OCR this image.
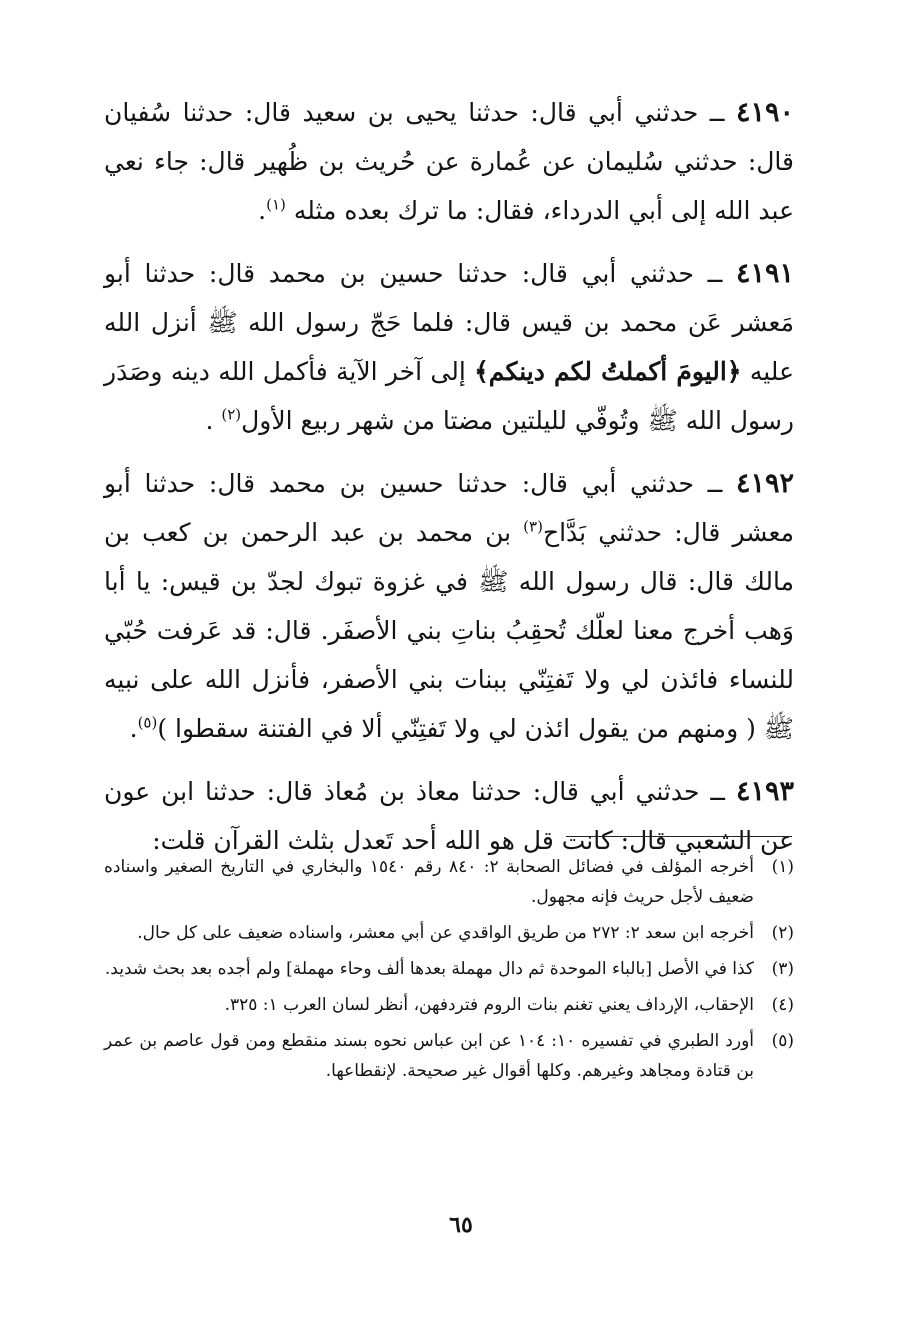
٤١٩٠ ــ حدثني أبي قال: حدثنا يحيى بن سعيد قال: حدثنا سُفيان قال: حدثني سُليمان عن عُمارة عن حُريث بن ظُهير قال: جاء نعي عبد الله إلى أبي الدرداء، فقال: ما ترك بعده مثله $^{(١)}$.

٤١٩١ ــ حدثني أبي قال: حدثنا حسين بن محمد قال: حدثنا أبو مَعشر عَن محمد بن قيس قال: فلما حَجّ رسول الله ﷺ أنزل الله عليه ﴿اليومَ أكملتُ لكم دينكم﴾ إلى آخر الآية فأكمل الله دينه وصَدَر رسول الله ﷺ وتُوفّي لليلتين مضتا من شهر ربيع الأول$^{(٢)}$ .

٤١٩٢ ــ حدثني أبي قال: حدثنا حسين بن محمد قال: حدثنا أبو معشر قال: حدثني بَدَّاح$^{(٣)}$ بن محمد بن عبد الرحمن بن كعب بن مالك قال: قال رسول الله ﷺ في غزوة تبوك لجدّ بن قيس: يا أبا وَهب أخرج معنا لعلّك تُحقِبُ بناتِ بني الأصفَر. قال: قد عَرفت حُبّي للنساء فائذن لي ولا تَفتِنّي ببنات بني الأصفر، فأنزل الله على نبيه ﷺ ( ومنهم من يقول ائذن لي ولا تَفتِنّي ألا في الفتنة سقطوا )$^{(٥)}$.

٤١٩٣ ــ حدثني أبي قال: حدثنا معاذ بن مُعاذ قال: حدثنا ابن عون عن الشعبي قال: كانت قل هو الله أحد تَعدل بثلث القرآن قلت:

(١)
أخرجه المؤلف في فضائل الصحابة ٢: ٨٤٠ رقم ١٥٤٠ والبخاري في التاريخ الصغير واسناده ضعيف لأجل حريث فإنه مجهول.
(٢)
أخرجه ابن سعد ٢: ٢٧٢ من طريق الواقدي عن أبي معشر، واسناده ضعيف على كل حال.
(٣)
كذا في الأصل [بالباء الموحدة ثم دال مهملة بعدها ألف وحاء مهملة] ولم أجده بعد بحث شديد.
(٤)
الإحقاب، الإرداف يعني تغنم بنات الروم فتردفهن، أنظر لسان العرب ١: ٣٢٥.
(٥)
أورد الطبري في تفسيره ١٠: ١٠٤ عن ابن عباس نحوه بسند منقطع ومن قول عاصم بن عمر بن قتادة ومجاهد وغيرهم. وكلها أقوال غير صحيحة. لإنقطاعها.
٦٥
